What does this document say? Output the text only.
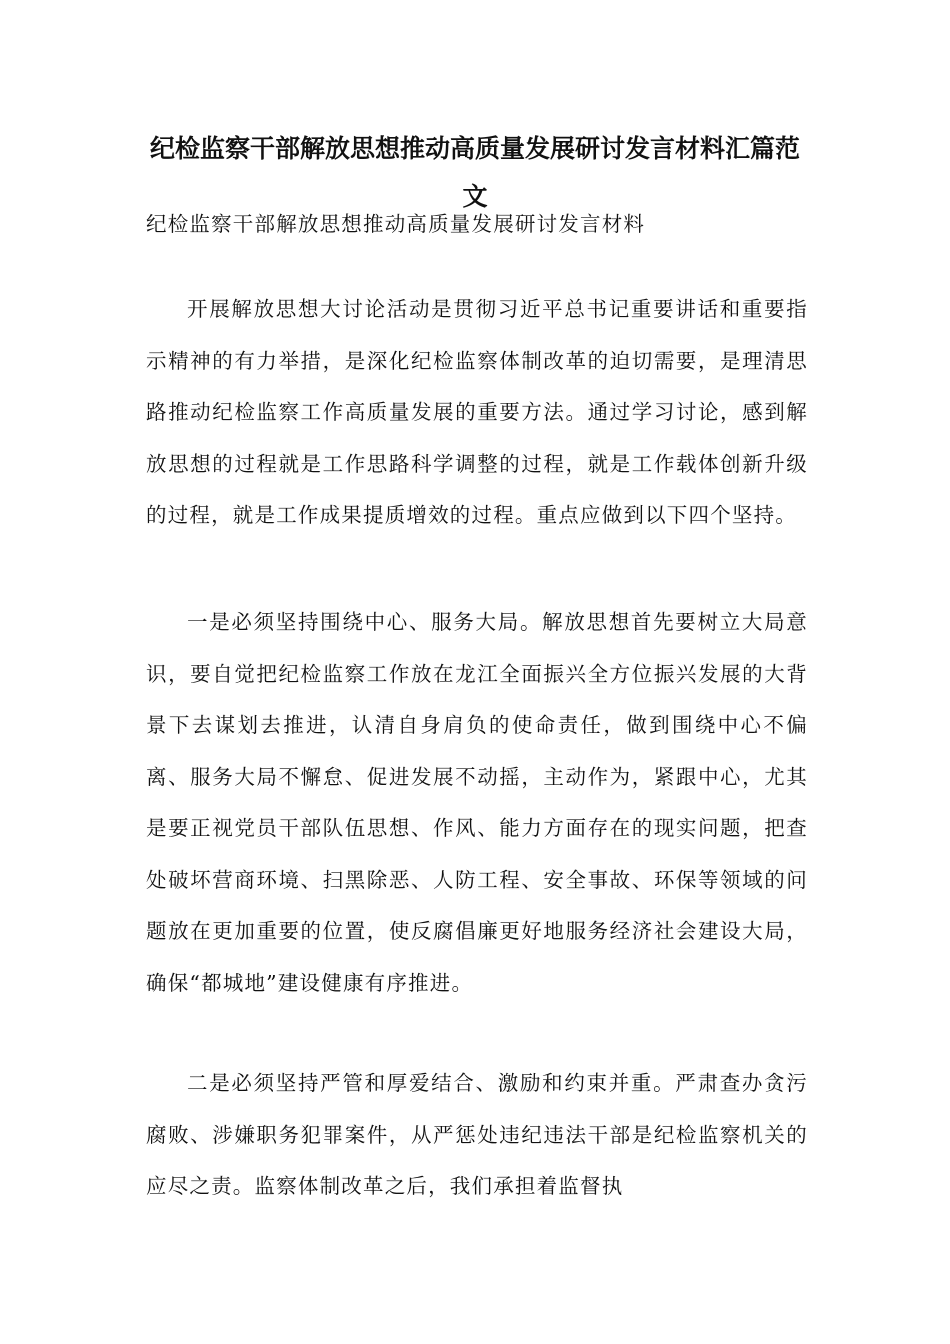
纪检监察干部解放思想推动高质量发展研讨发言材料汇篇范文
纪检监察干部解放思想推动高质量发展研讨发言材料

开展解放思想大讨论活动是贯彻习近平总书记重要讲话和重要指示精神的有力举措，是深化纪检监察体制改革的迫切需要，是理清思路推动纪检监察工作高质量发展的重要方法。通过学习讨论，感到解放思想的过程就是工作思路科学调整的过程，就是工作载体创新升级的过程，就是工作成果提质增效的过程。重点应做到以下四个坚持。

一是必须坚持围绕中心、服务大局。解放思想首先要树立大局意识，要自觉把纪检监察工作放在龙江全面振兴全方位振兴发展的大背景下去谋划去推进，认清自身肩负的使命责任，做到围绕中心不偏离、服务大局不懈怠、促进发展不动摇，主动作为，紧跟中心，尤其是要正视党员干部队伍思想、作风、能力方面存在的现实问题，把查处破坏营商环境、扫黑除恶、人防工程、安全事故、环保等领域的问题放在更加重要的位置，使反腐倡廉更好地服务经济社会建设大局，确保“都城地”建设健康有序推进。

二是必须坚持严管和厚爱结合、激励和约束并重。严肃查办贪污腐败、涉嫌职务犯罪案件，从严惩处违纪违法干部是纪检监察机关的应尽之责。监察体制改革之后，我们承担着监督执
